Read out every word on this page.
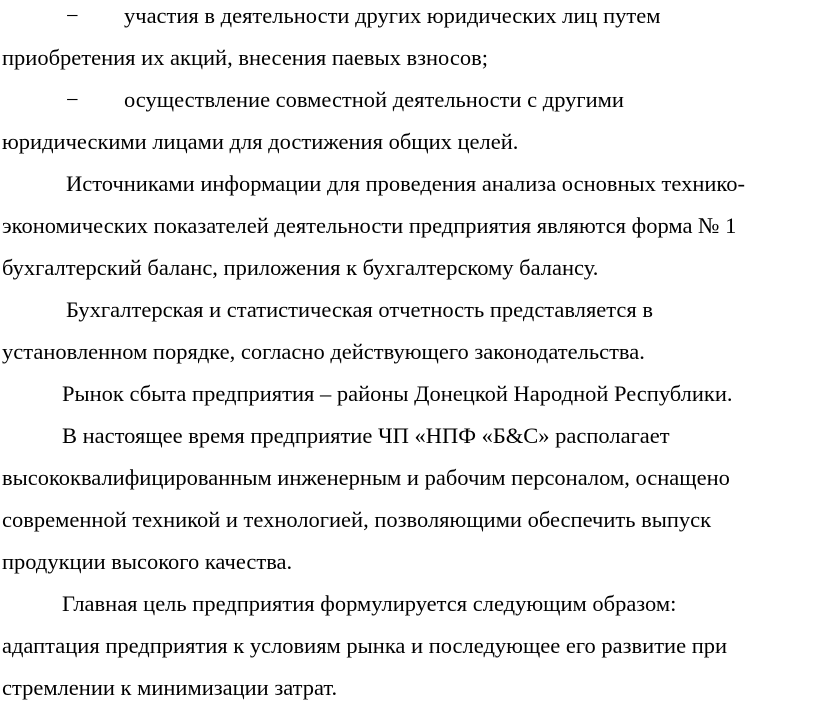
− участия в деятельности других юридических лиц путем
приобретения их акций, внесения паевых взносов;
− осуществление совместной деятельности с другими
юридическими лицами для достижения общих целей.
Источниками информации для проведения анализа основных технико-
экономических показателей деятельности предприятия являются форма № 1
бухгалтерский баланс, приложения к бухгалтерскому балансу.
Бухгалтерская и статистическая отчетность представляется в
установленном порядке, согласно действующего законодательства.
Рынок сбыта предприятия – районы Донецкой Народной Республики.
В настоящее время предприятие ЧП «НПФ «Б&С» располагает
высококвалифицированным инженерным и рабочим персоналом, оснащено
современной техникой и технологией, позволяющими обеспечить выпуск
продукции высокого качества.
Главная цель предприятия формулируется следующим образом:
адаптация предприятия к условиям рынка и последующее его развитие при
стремлении к минимизации затрат.
